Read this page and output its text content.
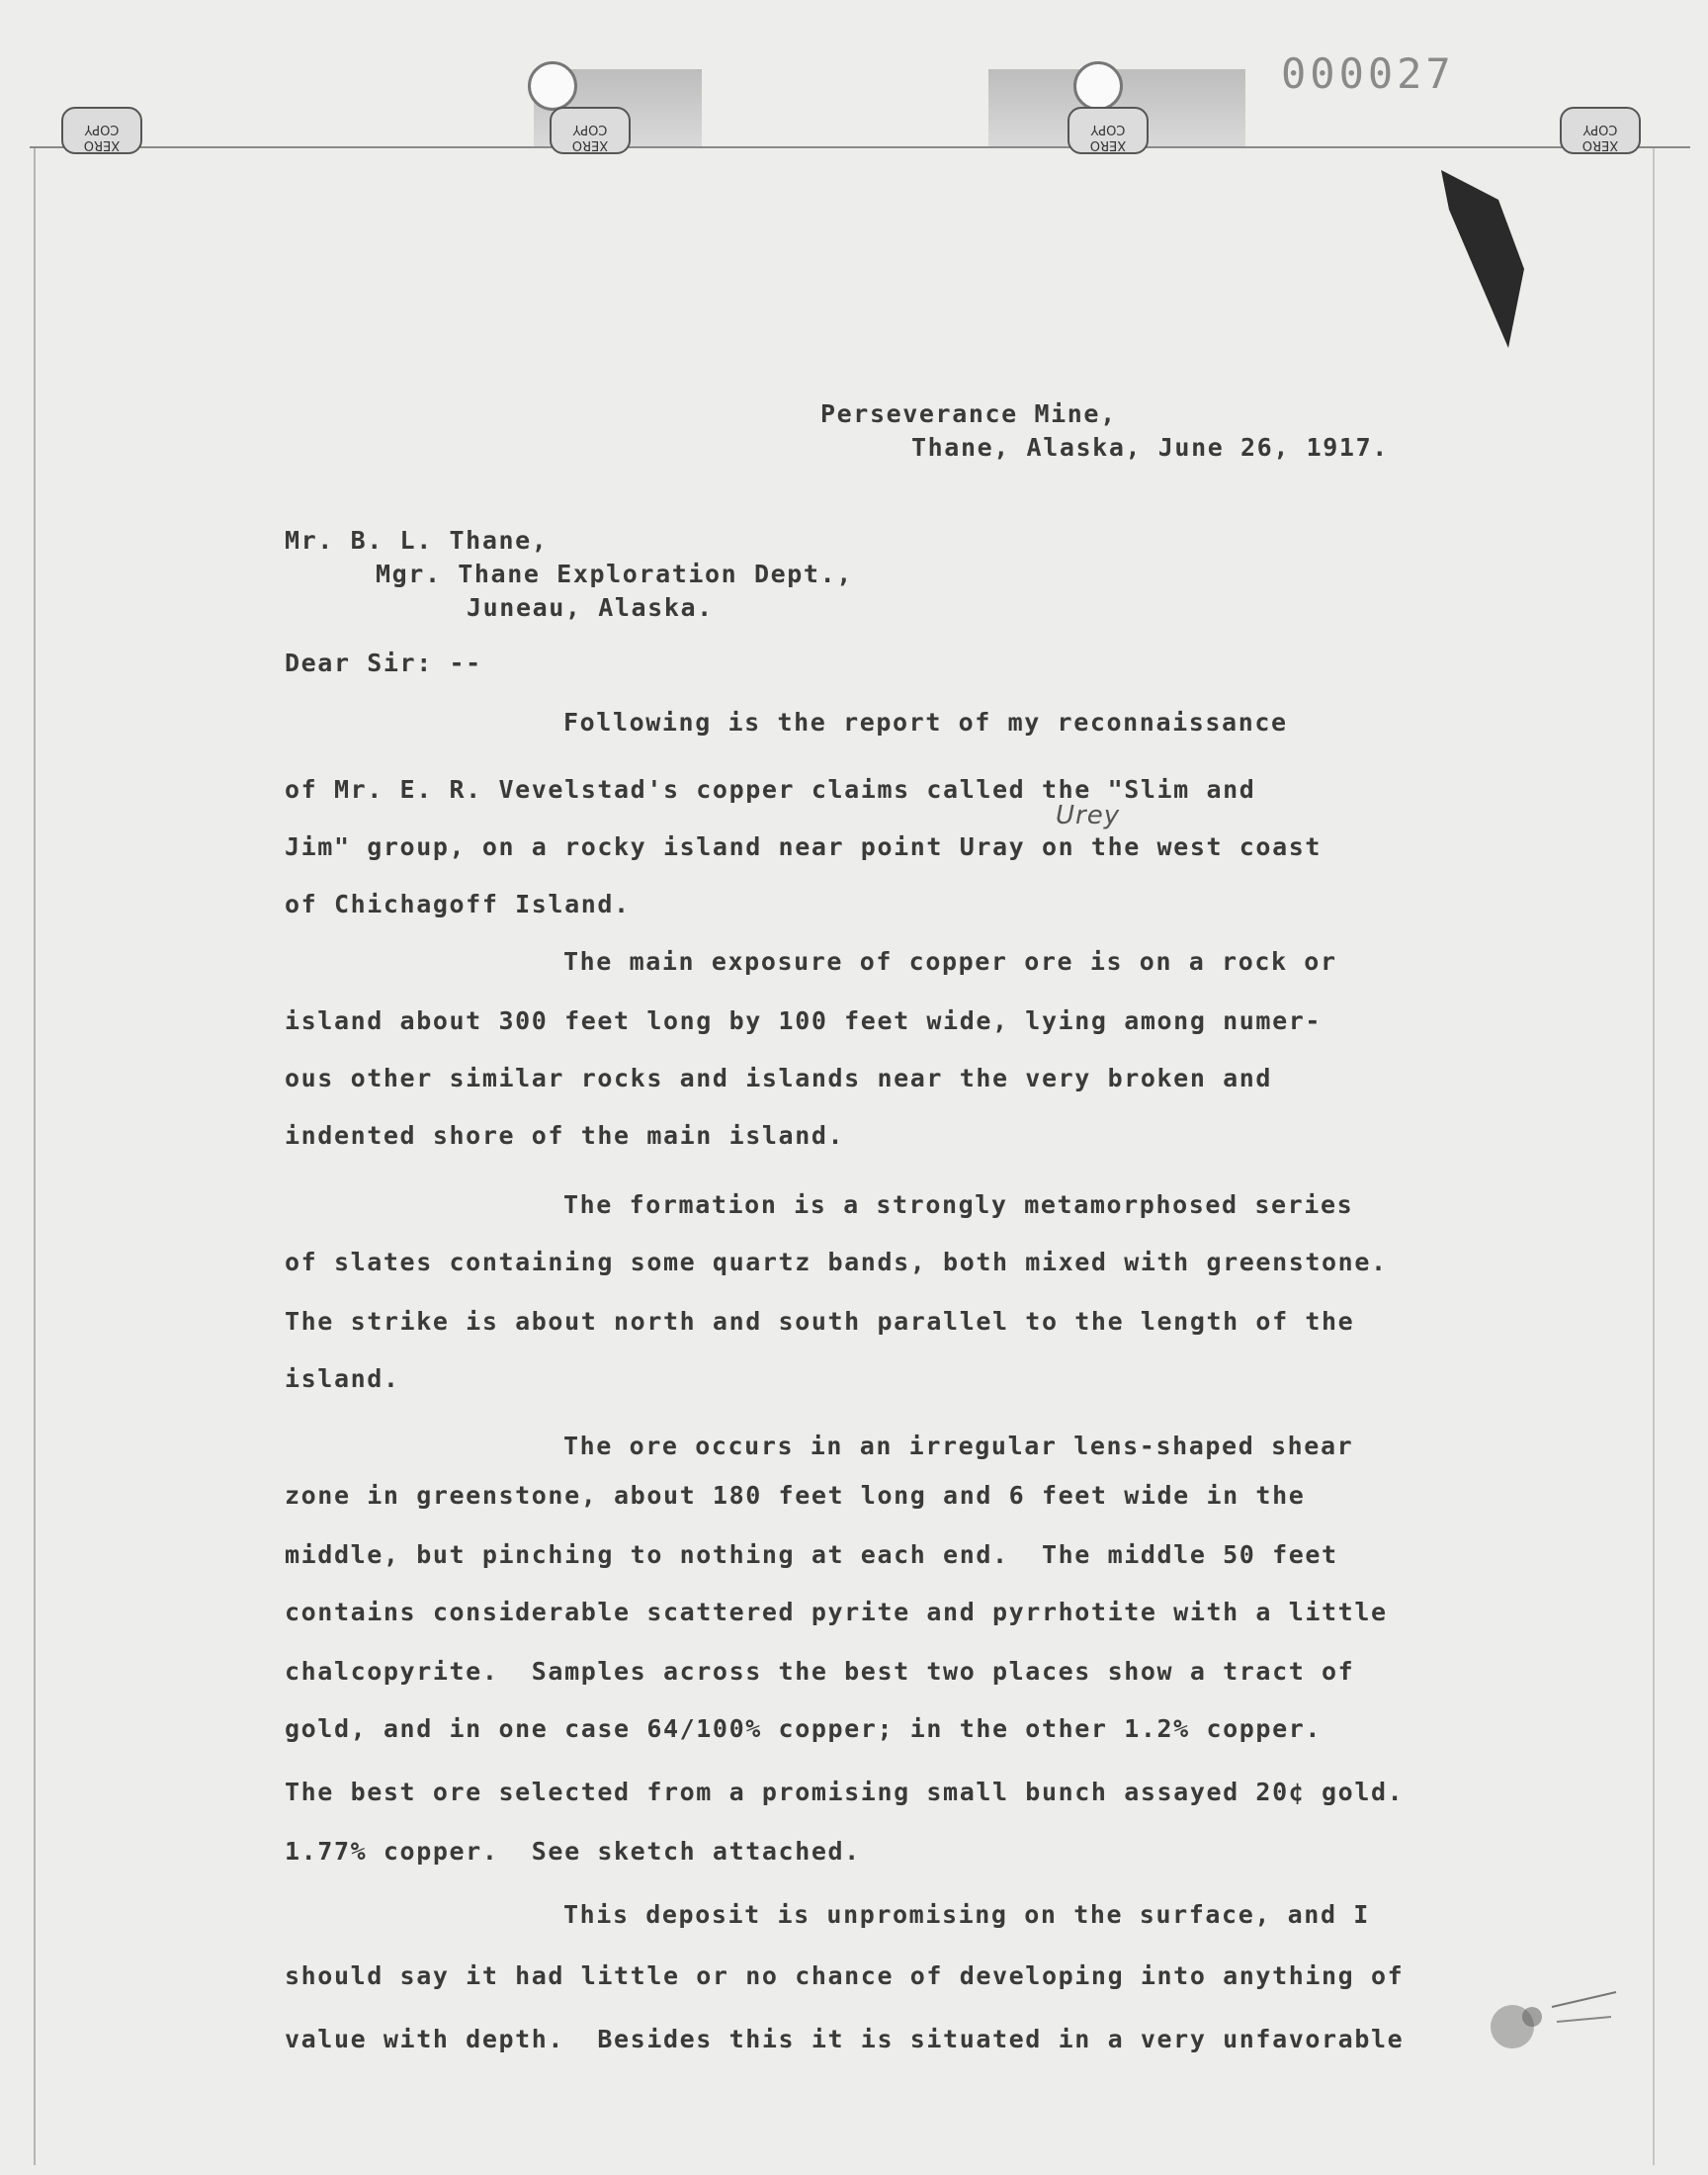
XERO
COPY
XERO
COPY
XERO
COPY
XERO
COPY
000027
Perseverance Mine,
Thane, Alaska, June 26, 1917.
Mr. B. L. Thane,
Mgr. Thane Exploration Dept.,
Juneau, Alaska.
Dear Sir: --
Following is the report of my reconnaissance
of Mr. E. R. Vevelstad's copper claims called the "Slim and
Urey
Jim" group, on a rocky island near point Uray on the west coast
of Chichagoff Island.
The main exposure of copper ore is on a rock or
island about 300 feet long by 100 feet wide, lying among numer-
ous other similar rocks and islands near the very broken and
indented shore of the main island.
The formation is a strongly metamorphosed series
of slates containing some quartz bands, both mixed with greenstone.
The strike is about north and south parallel to the length of the
island.
The ore occurs in an irregular lens-shaped shear
zone in greenstone, about 180 feet long and 6 feet wide in the
middle, but pinching to nothing at each end.  The middle 50 feet
contains considerable scattered pyrite and pyrrhotite with a little
chalcopyrite.  Samples across the best two places show a tract of
gold, and in one case 64/100% copper; in the other 1.2% copper.
The best ore selected from a promising small bunch assayed 20¢ gold.
1.77% copper.  See sketch attached.
This deposit is unpromising on the surface, and I
should say it had little or no chance of developing into anything of
value with depth.  Besides this it is situated in a very unfavorable
